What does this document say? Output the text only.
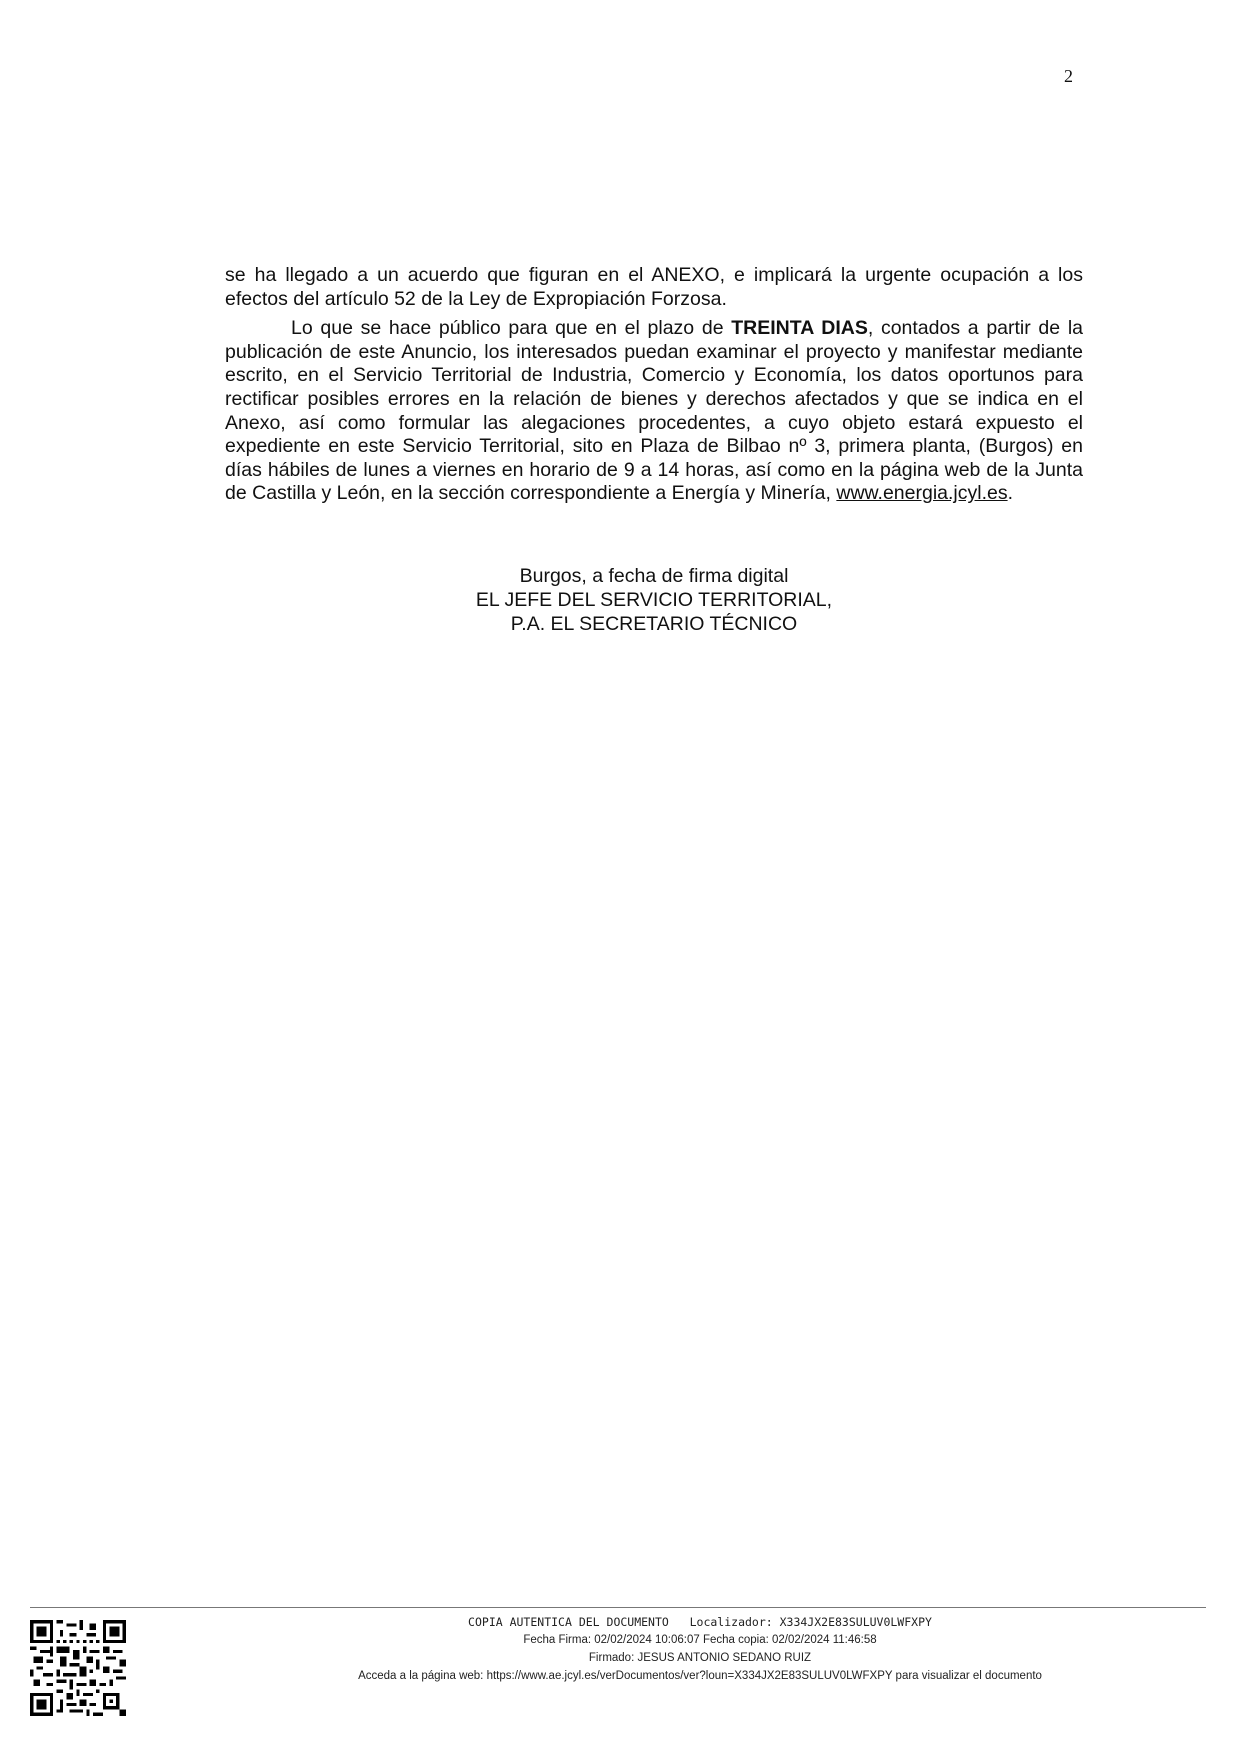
2

se ha llegado a un acuerdo que figuran en el ANEXO, e implicará la urgente ocupación a los efectos del artículo 52 de la Ley de Expropiación Forzosa.

Lo que se hace público para que en el plazo de TREINTA DIAS, contados a partir de la publicación de este Anuncio, los interesados puedan examinar el proyecto y manifestar mediante escrito, en el Servicio Territorial de Industria, Comercio y Economía, los datos oportunos para rectificar posibles errores en la relación de bienes y derechos afectados y que se indica en el Anexo, así como formular las alegaciones procedentes, a cuyo objeto estará expuesto el expediente en este Servicio Territorial, sito en Plaza de Bilbao nº 3, primera planta, (Burgos) en días hábiles de lunes a viernes en horario de 9 a 14 horas, así como en la página web de la Junta de Castilla y León, en la sección correspondiente a Energía y Minería, www.energia.jcyl.es.

Burgos, a fecha de firma digital
EL JEFE DEL SERVICIO TERRITORIAL,
P.A. EL SECRETARIO TÉCNICO
COPIA AUTENTICA DEL DOCUMENTO   Localizador: X334JX2E83SULUV0LWFXPY
Fecha Firma: 02/02/2024 10:06:07 Fecha copia: 02/02/2024 11:46:58
Firmado: JESUS ANTONIO SEDANO RUIZ
Acceda a la página web: https://www.ae.jcyl.es/verDocumentos/ver?loun=X334JX2E83SULUV0LWFXPY para visualizar el documento
